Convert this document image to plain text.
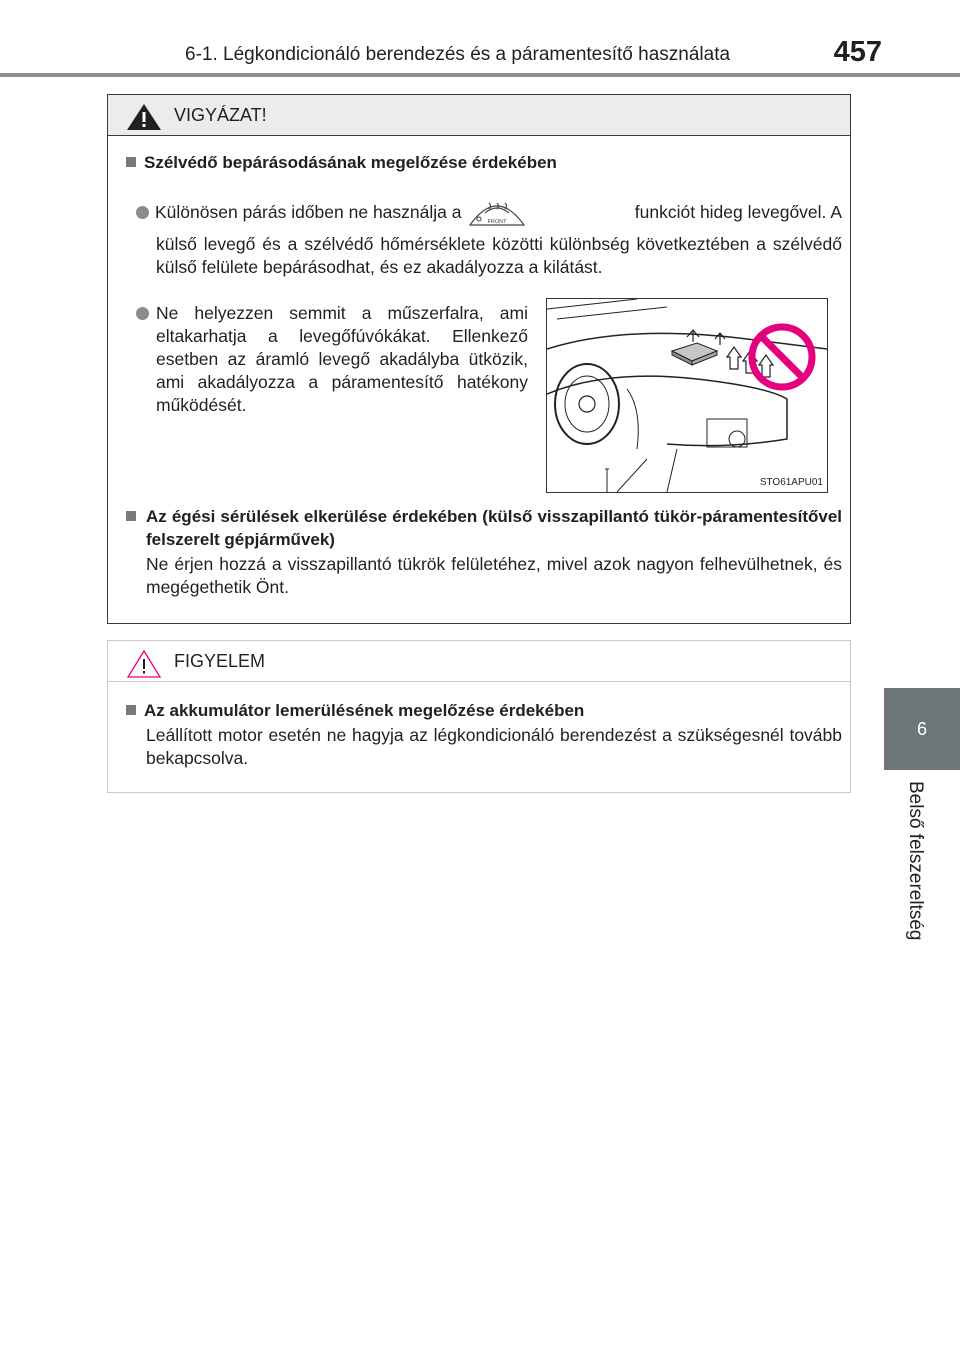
6-1. Légkondicionáló berendezés és a páramentesítő használata	457
6
Belső felszereltség
VIGYÁZAT!
Szélvédő bepárásodásának megelőzése érdekében
Különösen párás időben ne használja a
FRONT
funkciót hideg levegővel. A
külső levegő és a szélvédő hőmérséklete közötti különbség következtében a szélvédő külső felülete bepárásodhat, és ez akadályozza a kilátást.
Ne helyezzen semmit a műszerfalra, ami eltakarhatja a levegőfúvókákat. Ellenkező esetben az áramló levegő akadályba ütközik, ami akadályozza a páramentesítő hatékony működését.
STO61APU01
Az égési sérülések elkerülése érdekében (külső visszapillantó tükör-páramentesítővel felszerelt gépjárművek)
Ne érjen hozzá a visszapillantó tükrök felületéhez, mivel azok nagyon felhevülhetnek, és megégethetik Önt.
FIGYELEM
Az akkumulátor lemerülésének megelőzése érdekében
Leállított motor esetén ne hagyja az légkondicionáló berendezést a szükségesnél tovább bekapcsolva.
